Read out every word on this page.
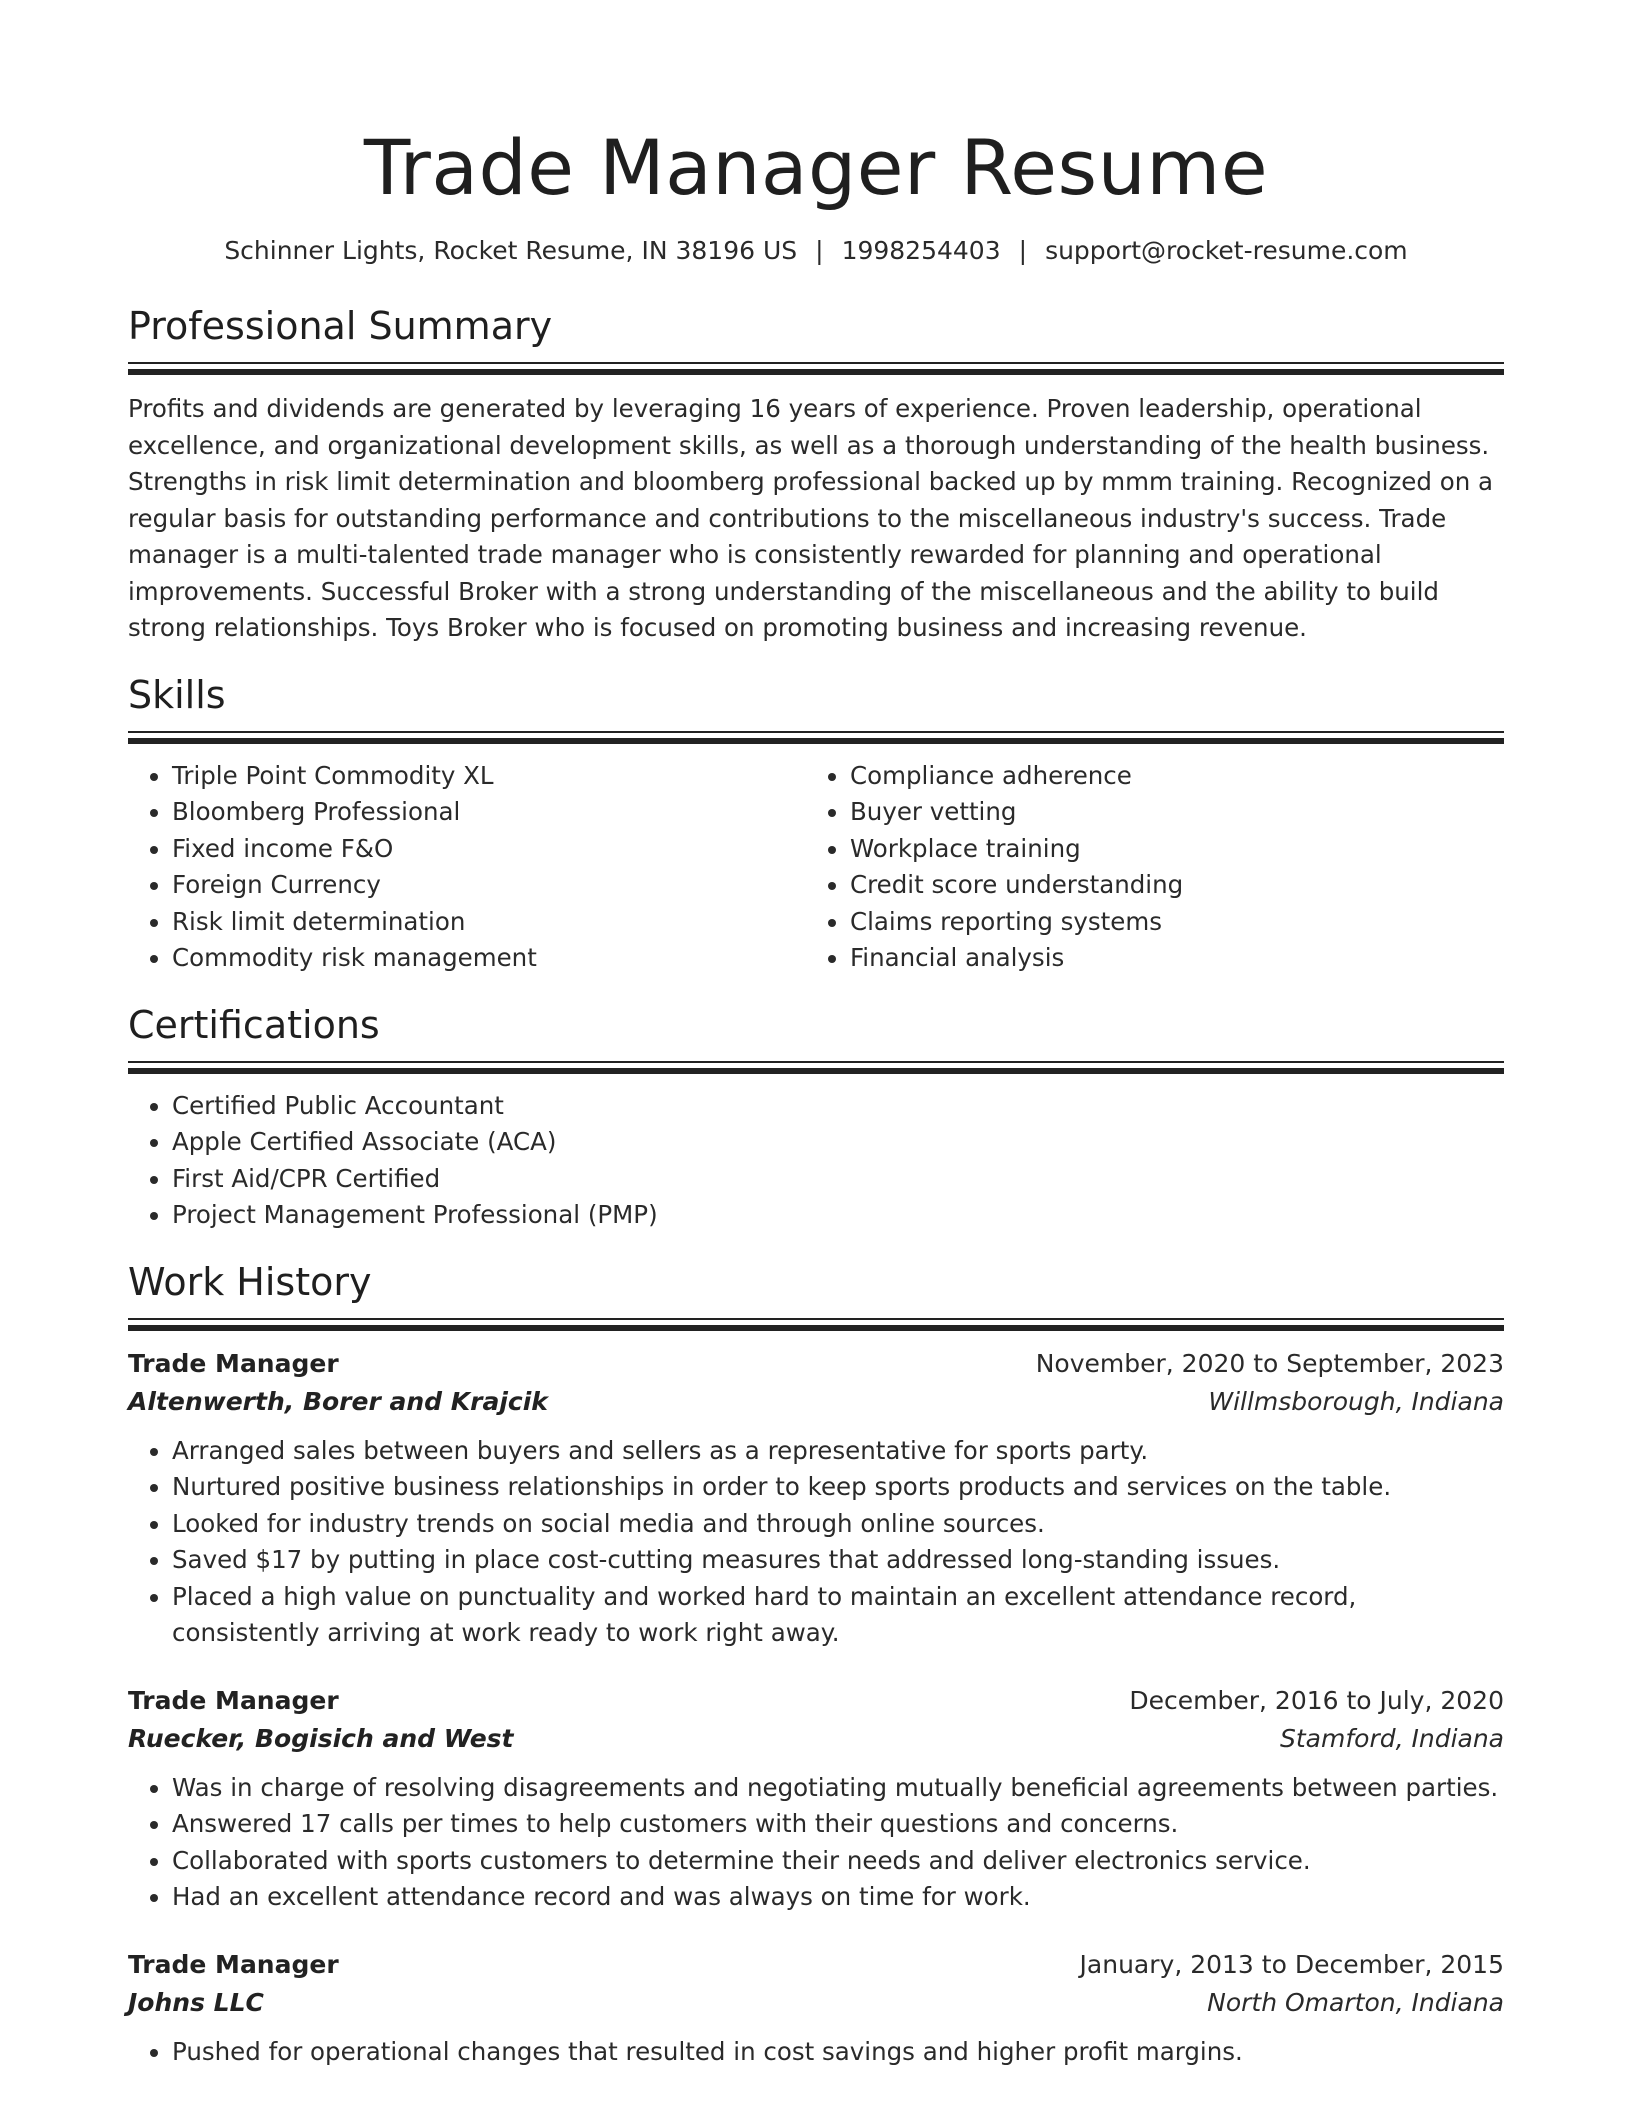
Trade Manager Resume
Schinner Lights, Rocket Resume, IN 38196 US | 1998254403 | support@rocket-resume.com
Professional Summary

Profits and dividends are generated by leveraging 16 years of experience. Proven leadership, operational excellence, and organizational development skills, as well as a thorough understanding of the health business. Strengths in risk limit determination and bloomberg professional backed up by mmm training. Recognized on a regular basis for outstanding performance and contributions to the miscellaneous industry's success. Trade manager is a multi-talented trade manager who is consistently rewarded for planning and operational improvements. Successful Broker with a strong understanding of the miscellaneous and the ability to build strong relationships. Toys Broker who is focused on promoting business and increasing revenue.

Skills
• Triple Point Commodity XL
• Bloomberg Professional
• Fixed income F&O
• Foreign Currency
• Risk limit determination
• Commodity risk management
• Compliance adherence
• Buyer vetting
• Workplace training
• Credit score understanding
• Claims reporting systems
• Financial analysis
Certifications
• Certified Public Accountant
• Apple Certified Associate (ACA)
• First Aid/CPR Certified
• Project Management Professional (PMP)
Work History
Trade Manager	November, 2020 to September, 2023
Altenwerth, Borer and Krajcik	Willmsborough, Indiana
• Arranged sales between buyers and sellers as a representative for sports party.
• Nurtured positive business relationships in order to keep sports products and services on the table.
• Looked for industry trends on social media and through online sources.
• Saved $17 by putting in place cost-cutting measures that addressed long-standing issues.
• Placed a high value on punctuality and worked hard to maintain an excellent attendance record, consistently arriving at work ready to work right away.
Trade Manager	December, 2016 to July, 2020
Ruecker, Bogisich and West	Stamford, Indiana
• Was in charge of resolving disagreements and negotiating mutually beneficial agreements between parties.
• Answered 17 calls per times to help customers with their questions and concerns.
• Collaborated with sports customers to determine their needs and deliver electronics service.
• Had an excellent attendance record and was always on time for work.
Trade Manager	January, 2013 to December, 2015
Johns LLC	North Omarton, Indiana
• Pushed for operational changes that resulted in cost savings and higher profit margins.
